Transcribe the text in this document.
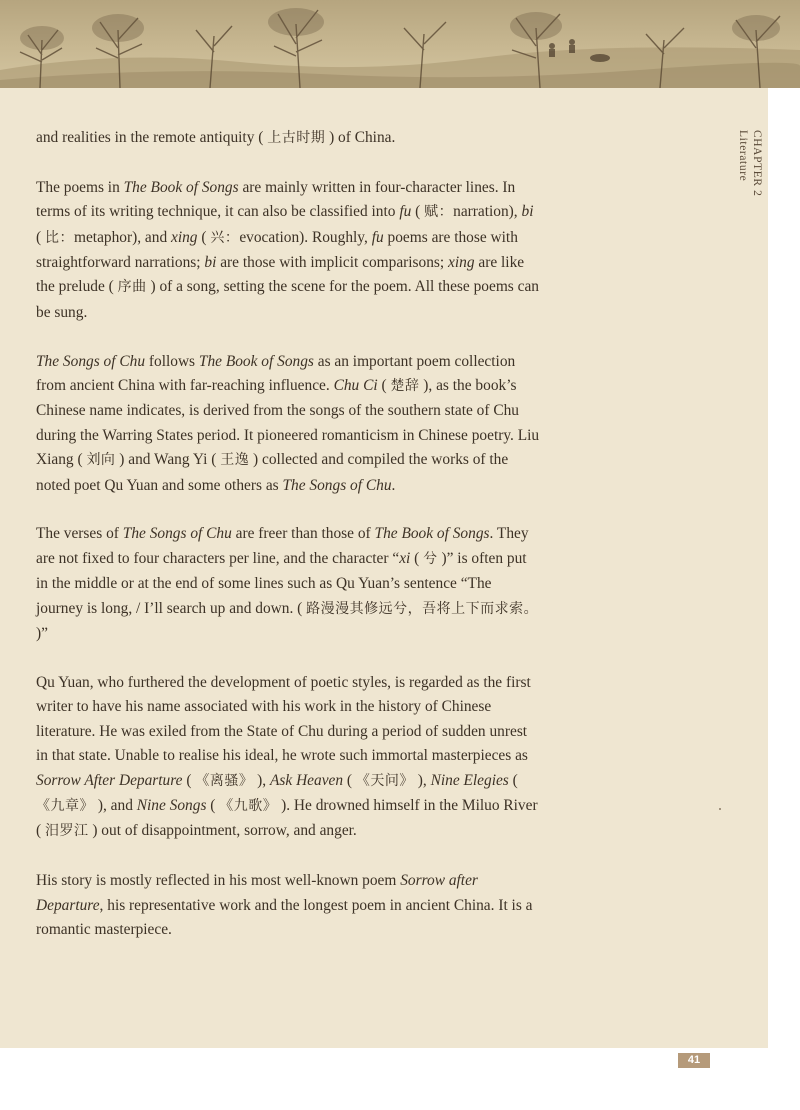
and realities in the remote antiquity ( 上古时期 ) of China.

The poems in The Book of Songs are mainly written in four-character lines. In terms of its writing technique, it can also be classified into fu ( 赋：narration), bi ( 比：metaphor), and xing ( 兴：evocation). Roughly, fu poems are those with straightforward narrations; bi are those with implicit comparisons; xing are like the prelude ( 序曲 ) of a song, setting the scene for the poem. All these poems can be sung.

The Songs of Chu follows The Book of Songs as an important poem collection from ancient China with far-reaching influence. Chu Ci ( 楚辞 ), as the book’s Chinese name indicates, is derived from the songs of the southern state of Chu during the Warring States period. It pioneered romanticism in Chinese poetry. Liu Xiang ( 刘向 ) and Wang Yi ( 王逸 ) collected and compiled the works of the noted poet Qu Yuan and some others as The Songs of Chu.

The verses of The Songs of Chu are freer than those of The Book of Songs. They are not fixed to four characters per line, and the character “xi ( 兮 )” is often put in the middle or at the end of some lines such as Qu Yuan’s sentence “The journey is long, / I’ll search up and down. ( 路漫漫其修远兮，吾将上下而求索。 )”

Qu Yuan, who furthered the development of poetic styles, is regarded as the first writer to have his name associated with his work in the history of Chinese literature. He was exiled from the State of Chu during a period of sudden unrest in that state. Unable to realise his ideal, he wrote such immortal masterpieces as Sorrow After Departure ( 《离骚》 ), Ask Heaven ( 《天问》 ), Nine Elegies ( 《九章》 ), and Nine Songs ( 《九歌》 ). He drowned himself in the Miluo River ( 汨罗江 ) out of disappointment, sorrow, and anger.

His story is mostly reflected in his most well-known poem Sorrow after Departure, his representative work and the longest poem in ancient China. It is a romantic masterpiece.

CHAPTER 2
Literature
41
